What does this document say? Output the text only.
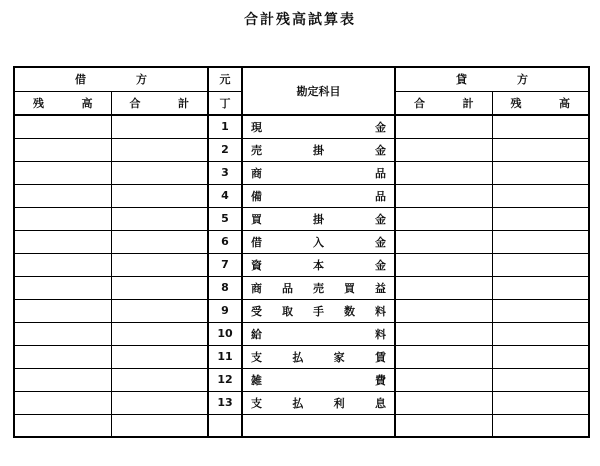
合計残高試算表
借 方		元	勘定科目	貸 方	

残 高	合 計	丁		合 計	残 高

		1	現 金		

		2	売 掛 金		

		3	商 品		

		4	備 品		

		5	買 掛 金		

		6	借 入 金		

		7	資 本 金		

		8	商 品 売 買 益		

		9	受 取 手 数 料		

		10	給 料		

		11	支 払 家 賃		

		12	雑 費		

		13	支 払 利 息		
